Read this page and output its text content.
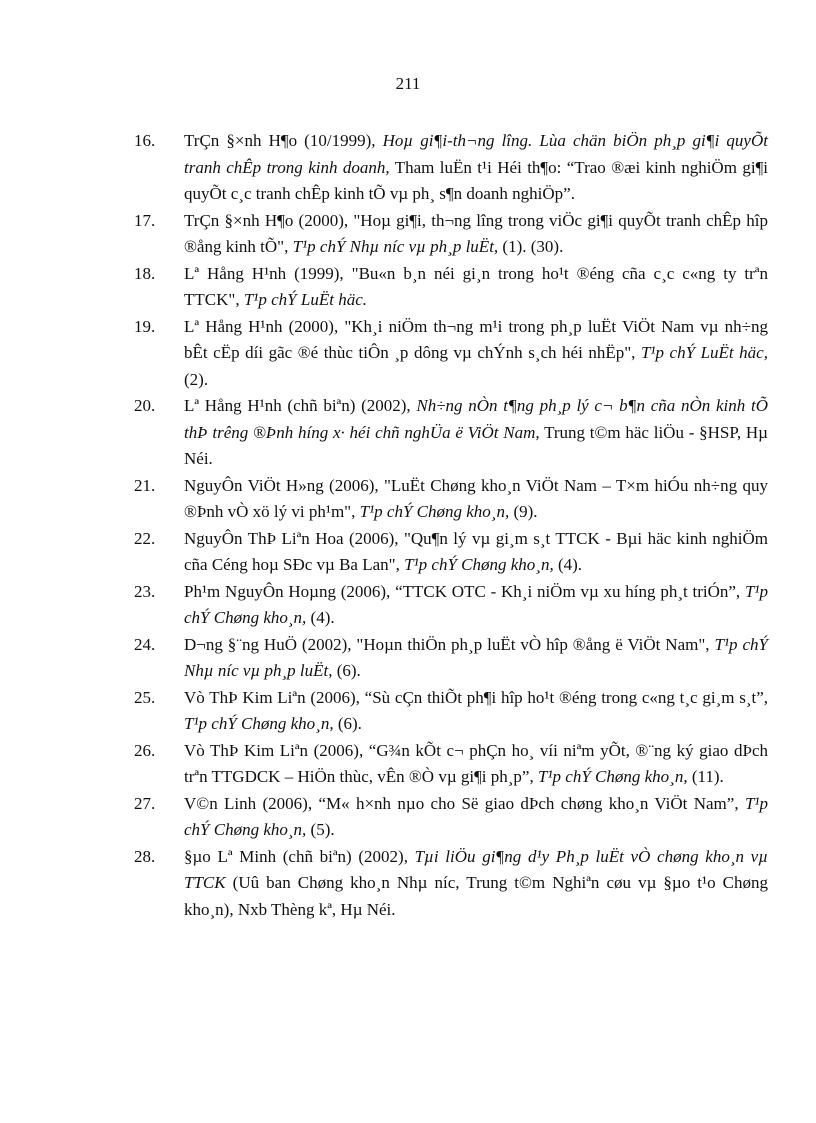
211
16. TrÇn §×nh H¶o (10/1999), Hoµ gi¶i-th¬ng lîng. Lùa chän biÖn ph¸p gi¶i quyÕt tranh chÊp trong kinh doanh, Tham luËn t¹i Héi th¶o: “Trao ®æi kinh nghiÖm gi¶i quyÕt c¸c tranh chÊp kinh tÕ vµ ph¸ s¶n doanh nghiÖp”.
17. TrÇn §×nh H¶o (2000), "Hoµ gi¶i, th¬ng lîng trong viÖc gi¶i quyÕt tranh chÊp hîp ®ång kinh tÕ", T¹p chÝ Nhµ níc vµ ph¸p luËt, (1). (30).
18. Lª Hång H¹nh (1999), "Bu«n b¸n néi gi¸n trong ho¹t ®éng cña c¸c c«ng ty trªn TTCK", T¹p chÝ LuËt häc.
19. Lª Hång H¹nh (2000), "Kh¸i niÖm th¬ng m¹i trong ph¸p luËt ViÖt Nam vµ nh÷ng bÊt cËp díi gãc ®é thùc tiÔn ¸p dông vµ chÝnh s¸ch héi nhËp", T¹p chÝ LuËt häc, (2).
20. Lª Hång H¹nh (chñ biªn) (2002), Nh÷ng nÒn t¶ng ph¸p lý c¬ b¶n cña nÒn kinh tÕ thÞ trêng ®Þnh híng x· héi chñ nghÜa ë ViÖt Nam, Trung t©m häc liÖu - §HSP, Hµ Néi.
21. NguyÔn ViÖt H»ng (2006), "LuËt Chøng kho¸n ViÖt Nam – T×m hiÓu nh÷ng quy ®Þnh vÒ xö lý vi ph¹m", T¹p chÝ Chøng kho¸n, (9).
22. NguyÔn ThÞ Liªn Hoa (2006), "Qu¶n lý vµ gi¸m s¸t TTCK - Bµi häc kinh nghiÖm cña Céng hoµ SÐc vµ Ba Lan", T¹p chÝ Chøng kho¸n, (4).
23. Ph¹m NguyÔn Hoµng (2006), “TTCK OTC - Kh¸i niÖm vµ xu híng ph¸t triÓn”, T¹p chÝ Chøng kho¸n, (4).
24. D¬ng §¨ng HuÖ (2002), "Hoµn thiÖn ph¸p luËt vÒ hîp ®ång ë ViÖt Nam", T¹p chÝ Nhµ níc vµ ph¸p luËt, (6).
25. Vò ThÞ Kim Liªn (2006), “Sù cÇn thiÕt ph¶i hîp ho¹t ®éng trong c«ng t¸c gi¸m s¸t”, T¹p chÝ Chøng kho¸n, (6).
26. Vò ThÞ Kim Liªn (2006), “G¾n kÕt c¬ phÇn ho¸ víi niªm yÕt, ®¨ng ký giao dÞch trªn TTGDCK – HiÖn thùc, vÊn ®Ò vµ gi¶i ph¸p”, T¹p chÝ Chøng kho¸n, (11).
27. V©n Linh (2006), “M« h×nh nµo cho Së giao dÞch chøng kho¸n ViÖt Nam”, T¹p chÝ Chøng kho¸n, (5).
28. §µo Lª Minh (chñ biªn) (2002), Tµi liÖu gi¶ng d¹y Ph¸p luËt vÒ chøng kho¸n vµ TTCK (Uû ban Chøng kho¸n Nhµ níc, Trung t©m Nghiªn cøu vµ §µo t¹o Chøng kho¸n), Nxb Thèng kª, Hµ Néi.
